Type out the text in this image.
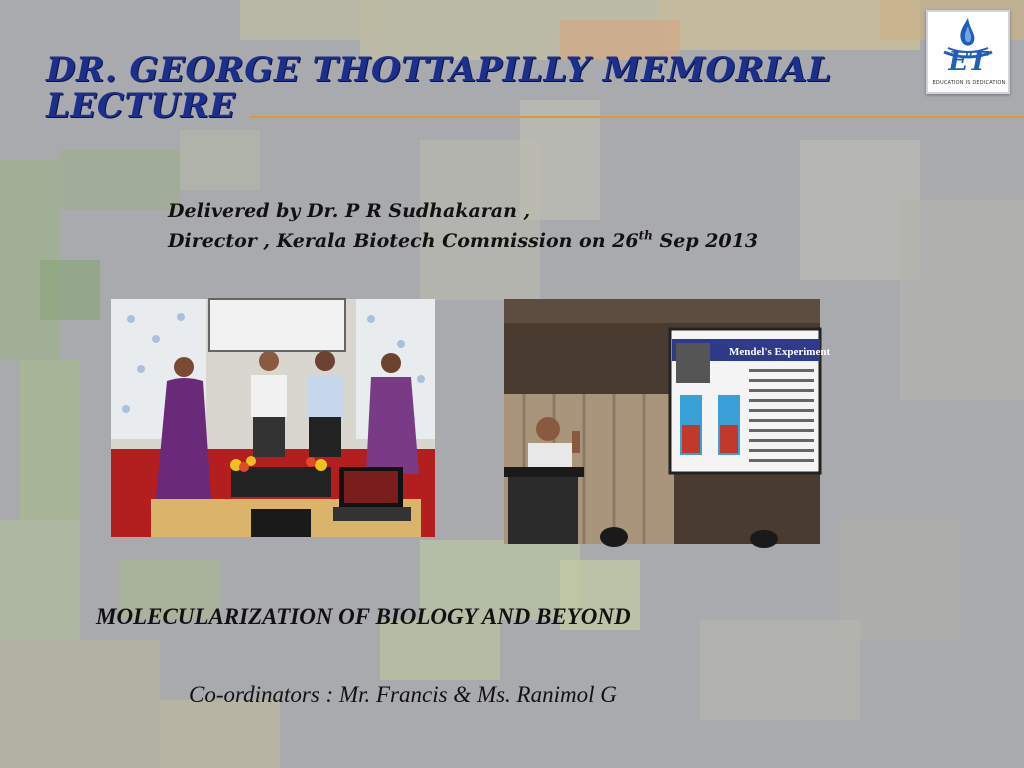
DR. GEORGE THOTTAPILLY MEMORIAL
LECTURE
ET
EDUCATION IS DEDICATION
Delivered by Dr. P R Sudhakaran ,
Director , Kerala Biotech Commission on 26th Sep 2013
Mendel's Experiment
MOLECULARIZATION OF BIOLOGY AND BEYOND
Co-ordinators : Mr. Francis & Ms. Ranimol G
